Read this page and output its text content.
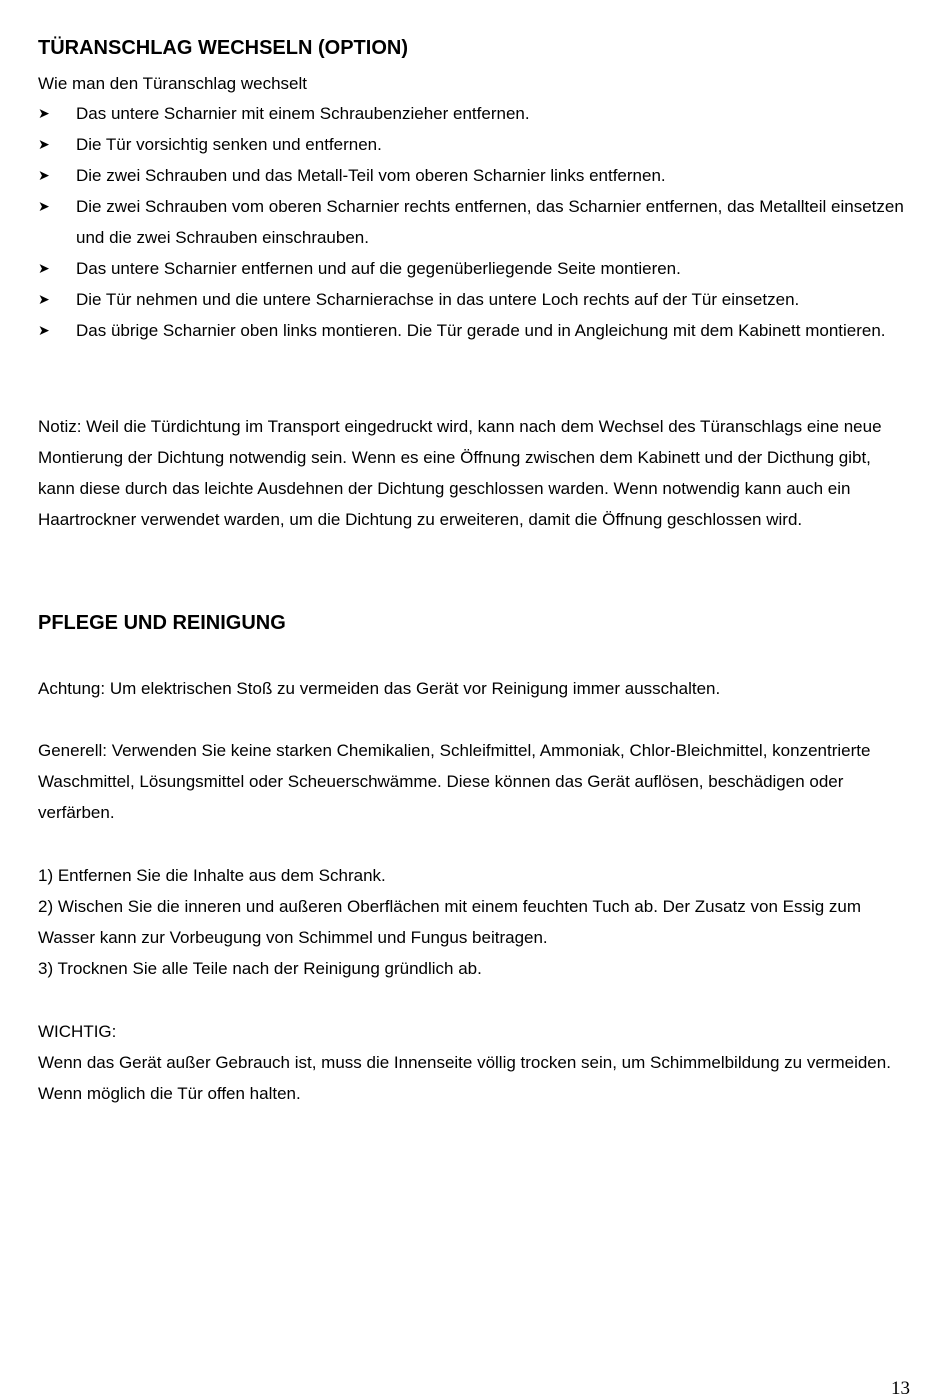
TÜRANSCHLAG WECHSELN (OPTION)
Wie man den Türanschlag wechselt
➤ Das untere Scharnier mit einem Schraubenzieher entfernen.
➤ Die Tür vorsichtig senken und entfernen.
➤ Die zwei Schrauben und das Metall-Teil vom oberen Scharnier links entfernen.
➤ Die zwei Schrauben vom oberen Scharnier rechts entfernen, das Scharnier entfernen, das Metallteil einsetzen und die zwei Schrauben einschrauben.
➤ Das untere Scharnier entfernen und auf die gegenüberliegende Seite montieren.
➤ Die Tür nehmen und die untere Scharnierachse in das untere Loch rechts auf der Tür einsetzen.
➤ Das übrige Scharnier oben links montieren. Die Tür gerade und in Angleichung mit dem Kabinett montieren.
Notiz: Weil die Türdichtung im Transport eingedruckt wird, kann nach dem Wechsel des Türanschlags eine neue Montierung der Dichtung notwendig sein. Wenn es eine Öffnung zwischen dem Kabinett und der Dicthung gibt, kann diese durch das leichte Ausdehnen der Dichtung geschlossen warden. Wenn notwendig kann auch ein Haartrockner verwendet warden, um die Dichtung zu erweiteren, damit die Öffnung geschlossen wird.
PFLEGE UND REINIGUNG
Achtung: Um elektrischen Stoß zu vermeiden das Gerät vor Reinigung immer ausschalten.
Generell: Verwenden Sie keine starken Chemikalien, Schleifmittel, Ammoniak, Chlor-Bleichmittel, konzentrierte Waschmittel, Lösungsmittel oder Scheuerschwämme. Diese können das Gerät auflösen, beschädigen oder verfärben.
1) Entfernen Sie die Inhalte aus dem Schrank.
2) Wischen Sie die inneren und außeren Oberflächen mit einem feuchten Tuch ab. Der Zusatz von Essig zum Wasser kann zur Vorbeugung von Schimmel und Fungus beitragen.
3) Trocknen Sie alle Teile nach der Reinigung gründlich ab.
WICHTIG:
Wenn das Gerät außer Gebrauch ist, muss die Innenseite völlig trocken sein, um Schimmelbildung zu vermeiden. Wenn möglich die Tür offen halten.
13
